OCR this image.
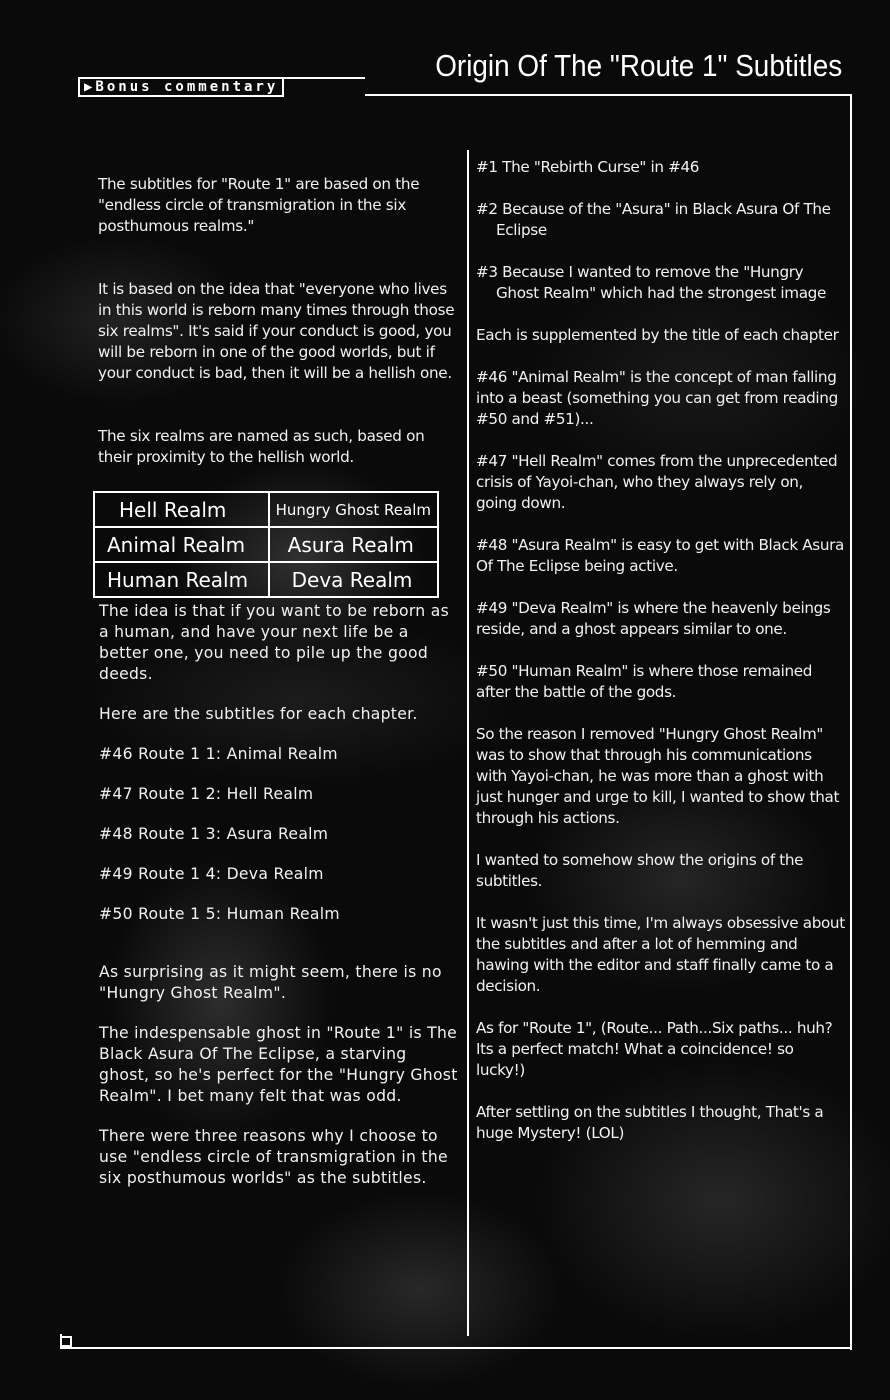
Origin Of The "Route 1" Subtitles
▶Bonus commentary

The subtitles for "Route 1" are based on the "endless circle of transmigration in the six posthumous realms."

It is based on the idea that "everyone who lives in this world is reborn many times through those six realms". It's said if your conduct is good, you will be reborn in one of the good worlds, but if your conduct is bad, then it will be a hellish one.

The six realms are named as such, based on their proximity to the hellish world.

Hell Realm	Hungry Ghost Realm
Animal Realm	Asura Realm
Human Realm	Deva Realm

The idea is that if you want to be reborn as a human, and have your next life be a better one, you need to pile up the good deeds.

Here are the subtitles for each chapter.

#46 Route 1 1: Animal Realm

#47 Route 1 2: Hell Realm

#48 Route 1 3: Asura Realm

#49 Route 1 4: Deva Realm

#50 Route 1 5: Human Realm

As surprising as it might seem, there is no "Hungry Ghost Realm".

The indespensable ghost in "Route 1" is The Black Asura Of The Eclipse, a starving ghost, so he's perfect for the "Hungry Ghost Realm". I bet many felt that was odd.

There were three reasons why I choose to use "endless circle of transmigration in the six posthumous worlds" as the subtitles.

#1 The "Rebirth Curse" in #46

#2 Because of the "Asura" in Black Asura Of The Eclipse

#3 Because I wanted to remove the "Hungry Ghost Realm" which had the strongest image

Each is supplemented by the title of each chapter

#46 "Animal Realm" is the concept of man falling into a beast (something you can get from reading #50 and #51)...

#47 "Hell Realm" comes from the unprecedented crisis of Yayoi-chan, who they always rely on, going down.

#48 "Asura Realm" is easy to get with Black Asura Of The Eclipse being active.

#49 "Deva Realm" is where the heavenly beings reside, and a ghost appears similar to one.

#50 "Human Realm" is where those remained after the battle of the gods.

So the reason I removed "Hungry Ghost Realm" was to show that through his communications with Yayoi-chan, he was more than a ghost with just hunger and urge to kill, I wanted to show that through his actions.

I wanted to somehow show the origins of the subtitles.

It wasn't just this time, I'm always obsessive about the subtitles and after a lot of hemming and hawing with the editor and staff finally came to a decision.

As for "Route 1", (Route... Path...Six paths... huh? Its a perfect match! What a coincidence! so lucky!)

After settling on the subtitles I thought, That's a huge Mystery! (LOL)
